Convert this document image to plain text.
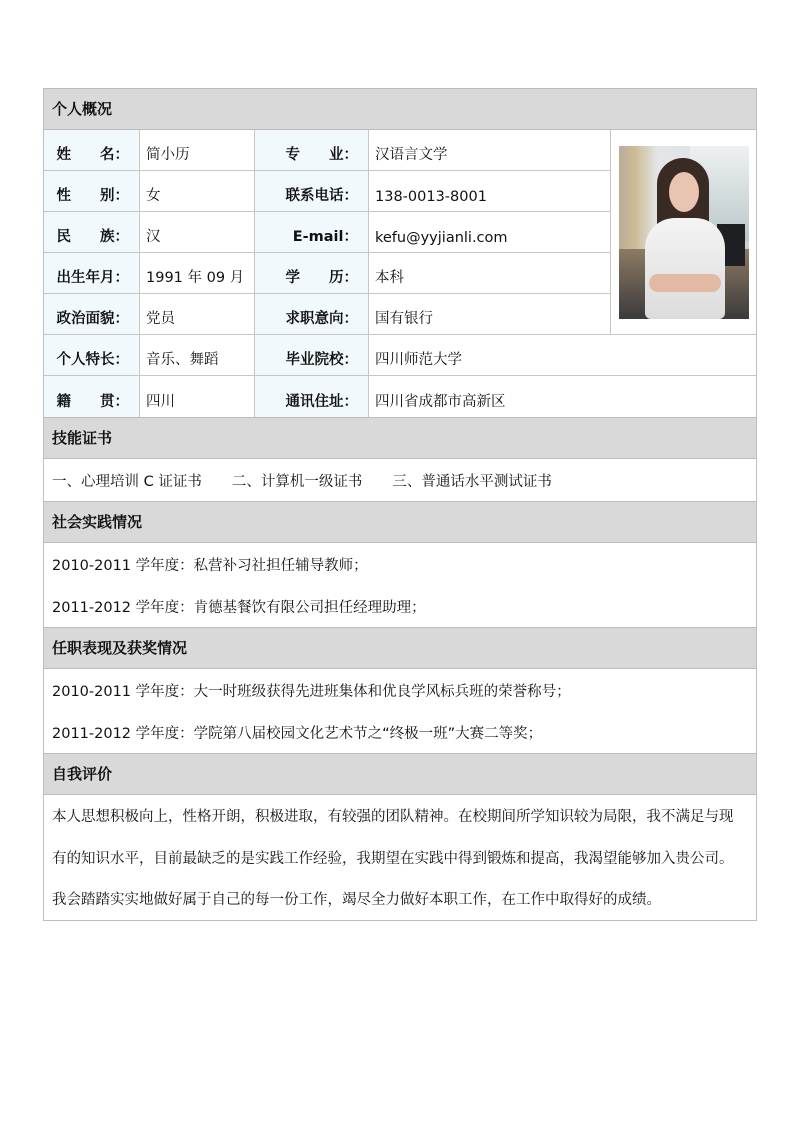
个人概况
姓　　名：	简小历	专　　业：	汉语言文学
性　　别：	女	联系电话：	138-0013-8001
民　　族：	汉	E-mail：	kefu@yyjianli.com
出生年月：	1991 年 09 月	学　　历：	本科
政治面貌：	党员	求职意向：	国有银行
个人特长：	音乐、舞蹈	毕业院校：	四川师范大学
籍　　贯：	四川	通讯住址：	四川省成都市高新区
技能证书
一、心理培训 C 证证书 二、计算机一级证书 三、普通话水平测试证书
社会实践情况
2010-2011 学年度：私营补习社担任辅导教师；
2011-2012 学年度：肯德基餐饮有限公司担任经理助理；
任职表现及获奖情况
2010-2011 学年度：大一时班级获得先进班集体和优良学风标兵班的荣誉称号；
2011-2012 学年度：学院第八届校园文化艺术节之“终极一班”大赛二等奖；
自我评价
本人思想积极向上，性格开朗，积极进取，有较强的团队精神。在校期间所学知识较为局限，我不满足与现
有的知识水平，目前最缺乏的是实践工作经验，我期望在实践中得到锻炼和提高，我渴望能够加入贵公司。
我会踏踏实实地做好属于自己的每一份工作，竭尽全力做好本职工作，在工作中取得好的成绩。
